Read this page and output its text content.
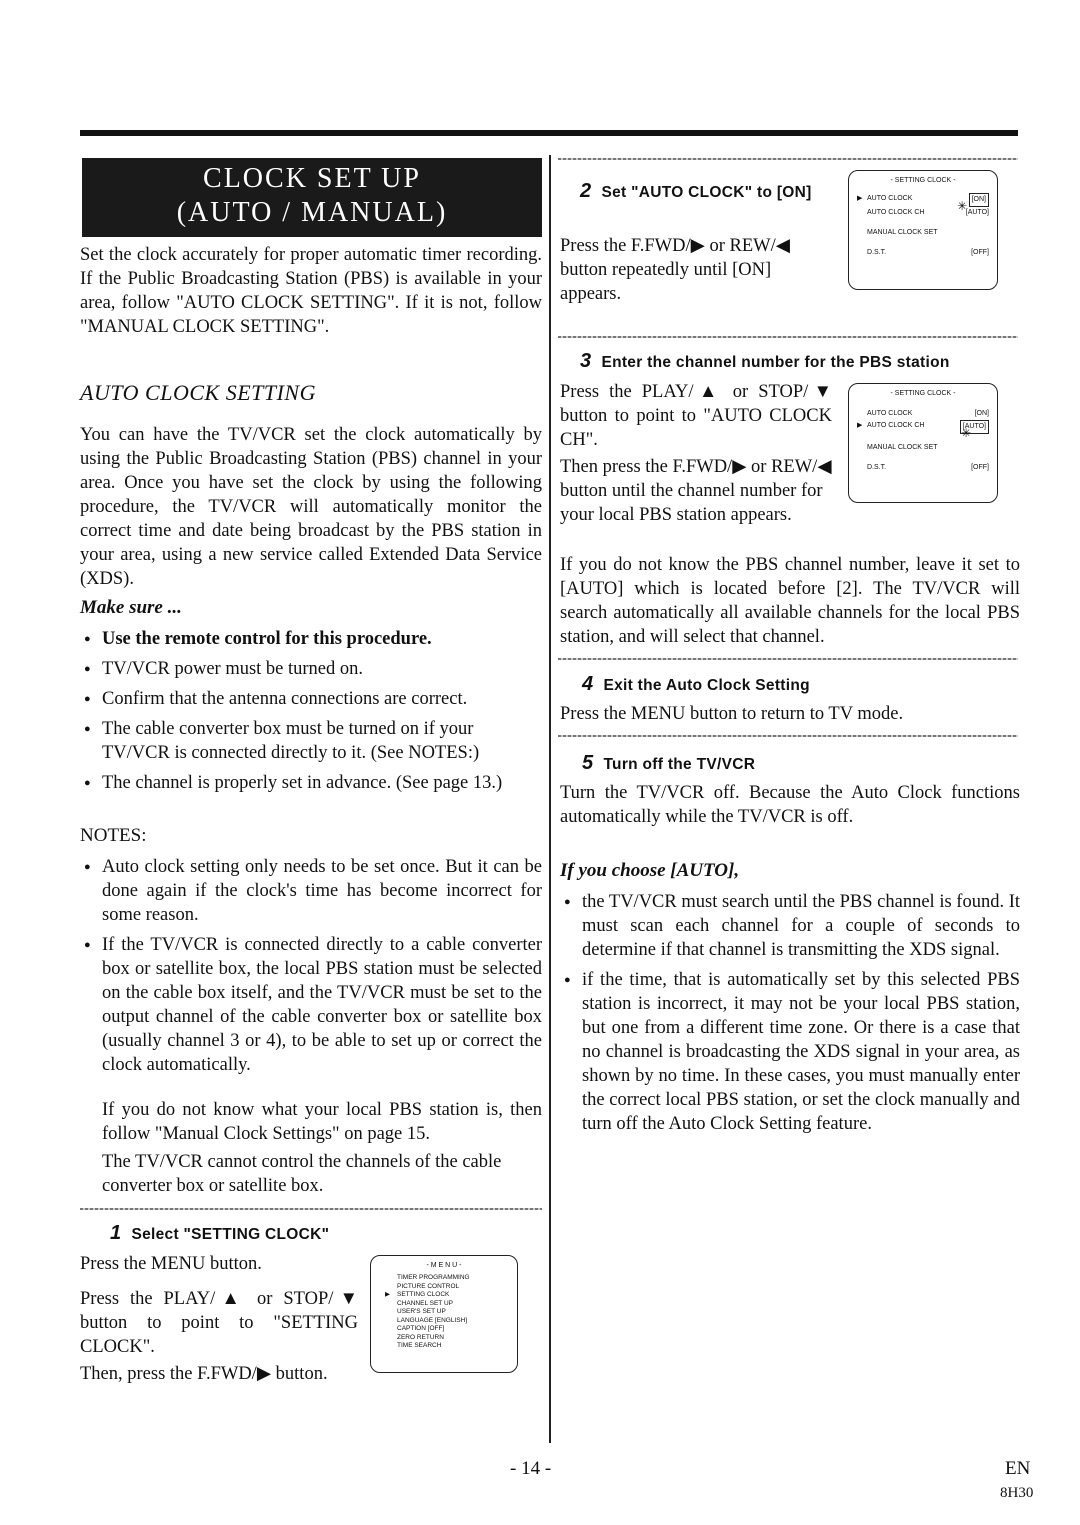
CLOCK SET UP
(AUTO / MANUAL)
Set the clock accurately for proper automatic timer recording. If the Public Broadcasting Station (PBS) is available in your area, follow "AUTO CLOCK SETTING". If it is not, follow "MANUAL CLOCK SETTING".
AUTO CLOCK SETTING
You can have the TV/VCR set the clock automatically by using the Public Broadcasting Station (PBS) channel in your area. Once you have set the clock by using the following procedure, the TV/VCR will automatically monitor the correct time and date being broadcast by the PBS station in your area, using a new service called Extended Data Service (XDS).
Make sure ...
● Use the remote control for this procedure.
● TV/VCR power must be turned on.
● Confirm that the antenna connections are correct.
● The cable converter box must be turned on if your TV/VCR is connected directly to it. (See NOTES:)
● The channel is properly set in advance. (See page 13.)
NOTES:
● Auto clock setting only needs to be set once. But it can be done again if the clock's time has become incorrect for some reason.
● If the TV/VCR is connected directly to a cable converter box or satellite box, the local PBS station must be selected on the cable box itself, and the TV/VCR must be set to the output channel of the cable converter box or satellite box (usually channel 3 or 4), to be able to set up or correct the clock automatically.
If you do not know what your local PBS station is, then follow "Manual Clock Settings" on page 15.
The TV/VCR cannot control the channels of the cable converter box or satellite box.
1 Select "SETTING CLOCK"
Press the MENU button.
Press the PLAY/▲ or STOP/▼ button to point to "SETTING CLOCK".
Then, press the F.FWD/▶ button.
- M E N U -
TIMER PROGRAMMING
PICTURE CONTROL
▶ SETTING CLOCK
CHANNEL SET UP
USER'S SET UP
LANGUAGE [ENGLISH]
CAPTION [OFF]
ZERO RETURN
TIME SEARCH
2 Set "AUTO CLOCK" to [ON]
Press the F.FWD/▶ or REW/◀ button repeatedly until [ON] appears.
- SETTING CLOCK -
▶ AUTO CLOCK	[ON]
AUTO CLOCK CH	[AUTO]
MANUAL CLOCK SET
D.S.T.	[OFF]
✳
3 Enter the channel number for the PBS station
Press the PLAY/▲ or STOP/▼ button to point to "AUTO CLOCK CH".
Then press the F.FWD/▶ or REW/◀ button until the channel number for your local PBS station appears.
If you do not know the PBS channel number, leave it set to [AUTO] which is located before [2]. The TV/VCR will search automatically all available channels for the local PBS station, and will select that channel.
- SETTING CLOCK -
AUTO CLOCK	[ON]
▶ AUTO CLOCK CH	[AUTO]
MANUAL CLOCK SET
D.S.T.	[OFF]
✳
4 Exit the Auto Clock Setting
Press the MENU button to return to TV mode.
5 Turn off the TV/VCR
Turn the TV/VCR off. Because the Auto Clock functions automatically while the TV/VCR is off.
If you choose [AUTO],
● the TV/VCR must search until the PBS channel is found. It must scan each channel for a couple of seconds to determine if that channel is transmitting the XDS signal.
● if the time, that is automatically set by this selected PBS station is incorrect, it may not be your local PBS station, but one from a different time zone. Or there is a case that no channel is broadcasting the XDS signal in your area, as shown by no time. In these cases, you must manually enter the correct local PBS station, or set the clock manually and turn off the Auto Clock Setting feature.
- 14 -	EN
8H30
